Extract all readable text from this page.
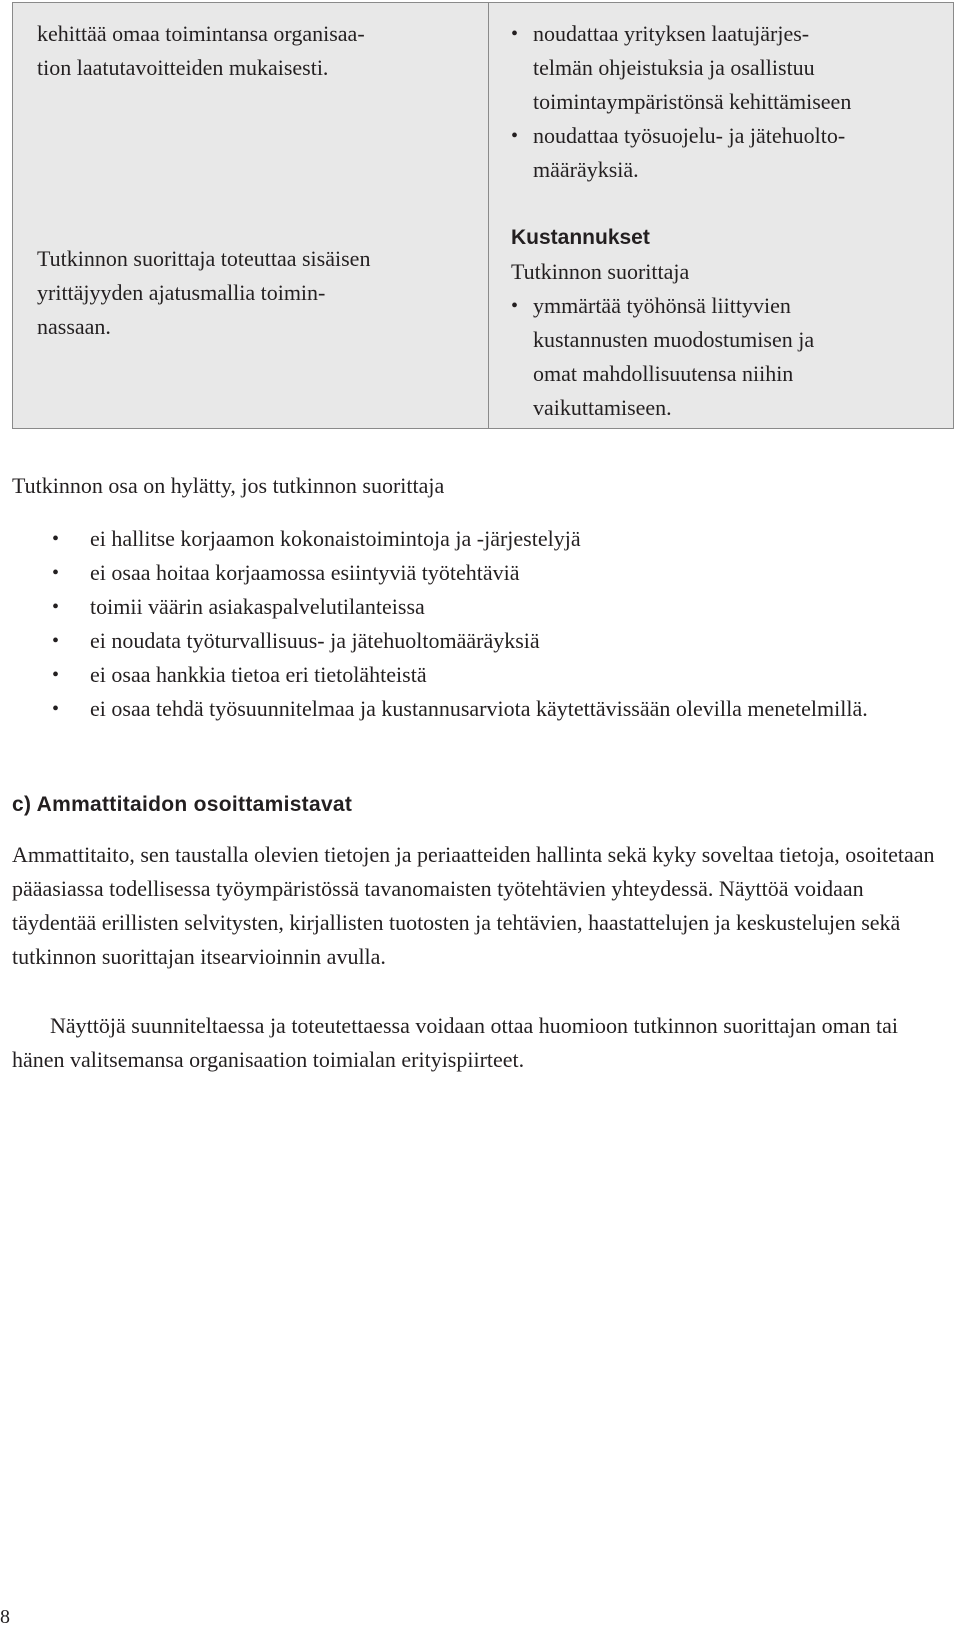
kehittää omaa toimintansa organisaa-
tion laatutavoitteiden mukaisesti.

Tutkinnon suorittaja toteuttaa sisäisen
yrittäjyyden ajatusmallia toimin-
nassaan.

• noudattaa yrityksen laatujärjes-
telmän ohjeistuksia ja osallistuu
toimintaympäristönsä kehittämiseen
• noudattaa työsuojelu- ja jätehuolto-
määräyksiä.

Kustannukset

Tutkinnon suorittaja

• ymmärtää työhönsä liittyvien
kustannusten muodostumisen ja
omat mahdollisuutensa niihin
vaikuttamiseen.

Tutkinnon osa on hylätty, jos tutkinnon suorittaja

• ei hallitse korjaamon kokonaistoimintoja ja -järjestelyjä
• ei osaa hoitaa korjaamossa esiintyviä työtehtäviä
• toimii väärin asiakaspalvelutilanteissa
• ei noudata työturvallisuus- ja jätehuoltomääräyksiä
• ei osaa hankkia tietoa eri tietolähteistä
• ei osaa tehdä työsuunnitelmaa ja kustannusarviota käytettävissään olevilla menetelmillä.

c) Ammattitaidon osoittamistavat

Ammattitaito, sen taustalla olevien tietojen ja periaatteiden hallinta sekä kyky soveltaa tietoja, osoitetaan pääasiassa todellisessa työympäristössä tavanomaisten työtehtävien yhteydessä. Näyttöä voidaan täydentää erillisten selvitysten, kirjallisten tuotosten ja tehtävien, haastattelujen ja keskustelujen sekä tutkinnon suorittajan itsearvioinnin avulla.

Näyttöjä suunniteltaessa ja toteutettaessa voidaan ottaa huomioon tutkinnon suorittajan oman tai hänen valitsemansa organisaation toimialan erityispiirteet.

8
